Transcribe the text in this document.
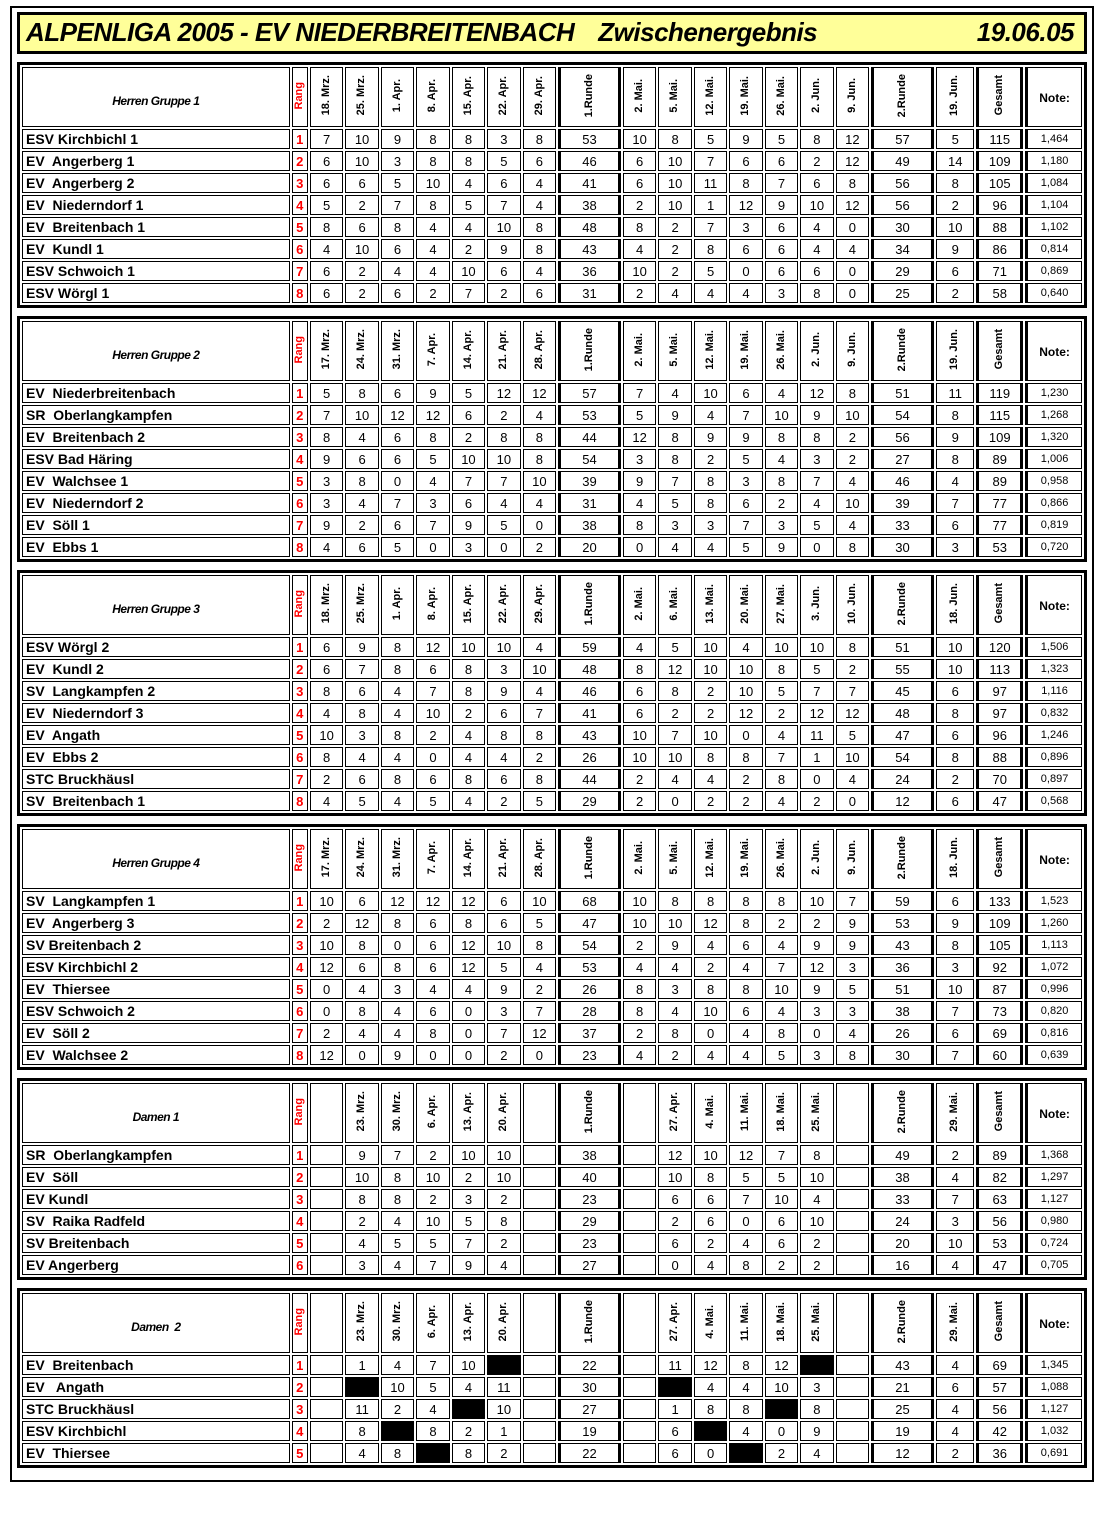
ALPENLIGA 2005 - EV NIEDERBREITENBACH Zwischenergebnis	19.06.05
Herren Gruppe 1	Rang	18. Mrz.	25. Mrz.	1. Apr.	8. Apr.	15. Apr.	22. Apr.	29. Apr.	1.Runde	2. Mai.	5. Mai.	12. Mai.	19. Mai.	26. Mai.	2. Jun.	9. Jun.	2.Runde	19. Jun.	Gesamt	Note:
ESV Kirchbichl 1	1	7	10	9	8	8	3	8	53	10	8	5	9	5	8	12	57	5	115	1,464
EV  Angerberg 1	2	6	10	3	8	8	5	6	46	6	10	7	6	6	2	12	49	14	109	1,180
EV  Angerberg 2	3	6	6	5	10	4	6	4	41	6	10	11	8	7	6	8	56	8	105	1,084
EV  Niederndorf 1	4	5	2	7	8	5	7	4	38	2	10	1	12	9	10	12	56	2	96	1,104
EV  Breitenbach 1	5	8	6	8	4	4	10	8	48	8	2	7	3	6	4	0	30	10	88	1,102
EV  Kundl 1	6	4	10	6	4	2	9	8	43	4	2	8	6	6	4	4	34	9	86	0,814
ESV Schwoich 1	7	6	2	4	4	10	6	4	36	10	2	5	0	6	6	0	29	6	71	0,869
ESV Wörgl 1	8	6	2	6	2	7	2	6	31	2	4	4	4	3	8	0	25	2	58	0,640
Herren Gruppe 2	Rang	17. Mrz.	24. Mrz.	31. Mrz.	7. Apr.	14. Apr.	21. Apr.	28. Apr.	1.Runde	2. Mai.	5. Mai.	12. Mai.	19. Mai.	26. Mai.	2. Jun.	9. Jun.	2.Runde	19. Jun.	Gesamt	Note:
EV  Niederbreitenbach	1	5	8	6	9	5	12	12	57	7	4	10	6	4	12	8	51	11	119	1,230
SR  Oberlangkampfen	2	7	10	12	12	6	2	4	53	5	9	4	7	10	9	10	54	8	115	1,268
EV  Breitenbach 2	3	8	4	6	8	2	8	8	44	12	8	9	9	8	8	2	56	9	109	1,320
ESV Bad Häring	4	9	6	6	5	10	10	8	54	3	8	2	5	4	3	2	27	8	89	1,006
EV  Walchsee 1	5	3	8	0	4	7	7	10	39	9	7	8	3	8	7	4	46	4	89	0,958
EV  Niederndorf 2	6	3	4	7	3	6	4	4	31	4	5	8	6	2	4	10	39	7	77	0,866
EV  Söll 1	7	9	2	6	7	9	5	0	38	8	3	3	7	3	5	4	33	6	77	0,819
EV  Ebbs 1	8	4	6	5	0	3	0	2	20	0	4	4	5	9	0	8	30	3	53	0,720
Herren Gruppe 3	Rang	18. Mrz.	25. Mrz.	1. Apr.	8. Apr.	15. Apr.	22. Apr.	29. Apr.	1.Runde	2. Mai.	6. Mai.	13. Mai.	20. Mai.	27. Mai.	3. Jun.	10. Jun.	2.Runde	18. Jun.	Gesamt	Note:
ESV Wörgl 2	1	6	9	8	12	10	10	4	59	4	5	10	4	10	10	8	51	10	120	1,506
EV  Kundl 2	2	6	7	8	6	8	3	10	48	8	12	10	10	8	5	2	55	10	113	1,323
SV  Langkampfen 2	3	8	6	4	7	8	9	4	46	6	8	2	10	5	7	7	45	6	97	1,116
EV  Niederndorf 3	4	4	8	4	10	2	6	7	41	6	2	2	12	2	12	12	48	8	97	0,832
EV  Angath	5	10	3	8	2	4	8	8	43	10	7	10	0	4	11	5	47	6	96	1,246
EV  Ebbs 2	6	8	4	4	0	4	4	2	26	10	10	8	8	7	1	10	54	8	88	0,896
STC Bruckhäusl	7	2	6	8	6	8	6	8	44	2	4	4	2	8	0	4	24	2	70	0,897
SV  Breitenbach 1	8	4	5	4	5	4	2	5	29	2	0	2	2	4	2	0	12	6	47	0,568
Herren Gruppe 4	Rang	17. Mrz.	24. Mrz.	31. Mrz.	7. Apr.	14. Apr.	21. Apr.	28. Apr.	1.Runde	2. Mai.	5. Mai.	12. Mai.	19. Mai.	26. Mai.	2. Jun.	9. Jun.	2.Runde	18. Jun.	Gesamt	Note:
SV  Langkampfen 1	1	10	6	12	12	12	6	10	68	10	8	8	8	8	10	7	59	6	133	1,523
EV  Angerberg 3	2	2	12	8	6	8	6	5	47	10	10	12	8	2	2	9	53	9	109	1,260
SV Breitenbach 2	3	10	8	0	6	12	10	8	54	2	9	4	6	4	9	9	43	8	105	1,113
ESV Kirchbichl 2	4	12	6	8	6	12	5	4	53	4	4	2	4	7	12	3	36	3	92	1,072
EV  Thiersee	5	0	4	3	4	4	9	2	26	8	3	8	8	10	9	5	51	10	87	0,996
ESV Schwoich 2	6	0	8	4	6	0	3	7	28	8	4	10	6	4	3	3	38	7	73	0,820
EV  Söll 2	7	2	4	4	8	0	7	12	37	2	8	0	4	8	0	4	26	6	69	0,816
EV  Walchsee 2	8	12	0	9	0	0	2	0	23	4	2	4	4	5	3	8	30	7	60	0,639
Damen 1	Rang		23. Mrz.	30. Mrz.	6. Apr.	13. Apr.	20. Apr.		1.Runde		27. Apr.	4. Mai.	11. Mai.	18. Mai.	25. Mai.		2.Runde	29. Mai.	Gesamt	Note:
SR  Oberlangkampfen	1		9	7	2	10	10		38		12	10	12	7	8		49	2	89	1,368
EV  Söll	2		10	8	10	2	10		40		10	8	5	5	10		38	4	82	1,297
EV Kundl	3		8	8	2	3	2		23		6	6	7	10	4		33	7	63	1,127
SV  Raika Radfeld	4		2	4	10	5	8		29		2	6	0	6	10		24	3	56	0,980
SV Breitenbach	5		4	5	5	7	2		23		6	2	4	6	2		20	10	53	0,724
EV Angerberg	6		3	4	7	9	4		27		0	4	8	2	2		16	4	47	0,705
Damen  2	Rang		23. Mrz.	30. Mrz.	6. Apr.	13. Apr.	20. Apr.		1.Runde		27. Apr.	4. Mai.	11. Mai.	18. Mai.	25. Mai.		2.Runde	29. Mai.	Gesamt	Note:
EV  Breitenbach	1		1	4	7	10			22		11	12	8	12			43	4	69	1,345
EV   Angath	2			10	5	4	11		30			4	4	10	3		21	6	57	1,088
STC Bruckhäusl	3		11	2	4		10		27		1	8	8		8		25	4	56	1,127
ESV Kirchbichl	4		8		8	2	1		19		6		4	0	9		19	4	42	1,032
EV  Thiersee	5		4	8		8	2		22		6	0		2	4		12	2	36	0,691
